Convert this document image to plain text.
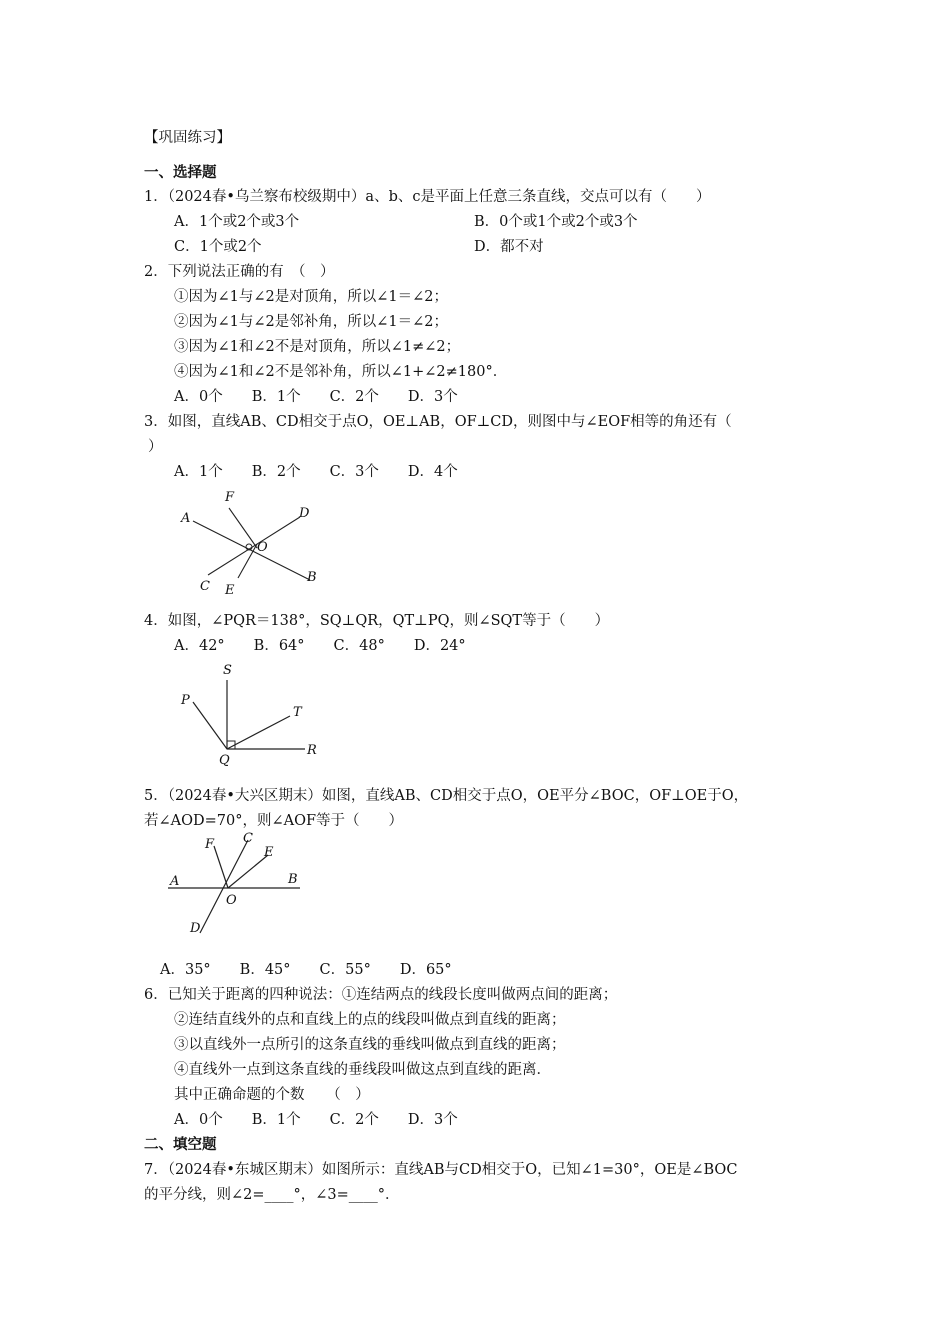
【巩固练习】
一、选择题
1．（2024春•乌兰察布校级期中）a、b、c是平面上任意三条直线，交点可以有（　　）
A．1个或2个或3个	B．0个或1个或2个或3个
C．1个或2个	D．都不对
2．下列说法正确的有　（　）
①因为∠1与∠2是对顶角，所以∠1＝∠2；
②因为∠1与∠2是邻补角，所以∠1＝∠2；
③因为∠1和∠2不是对顶角，所以∠1≠∠2；
④因为∠1和∠2不是邻补角，所以∠1+∠2≠180°．
A．0个　　B．1个　　C．2个　　D．3个
3．如图，直线AB、CD相交于点O，OE⊥AB，OF⊥CD，则图中与∠EOF相等的角还有（
）
A．1个　　B．2个　　C．3个　　D．4个
A
F
D
O
C E
B
4．如图，∠PQR＝138°，SQ⊥QR，QT⊥PQ，则∠SQT等于（　　）
A．42°　　B．64°　　C．48°　　D．24°
S
P
T
Q
R
5．（2024春•大兴区期末）如图，直线AB、CD相交于点O，OE平分∠BOC，OF⊥OE于O，
若∠AOD=70°，则∠AOF等于（　　）
A	B
F C
E
O
D
A．35°　　B．45°　　C．55°　　D．65°
6．已知关于距离的四种说法：①连结两点的线段长度叫做两点间的距离；
②连结直线外的点和直线上的点的线段叫做点到直线的距离；
③以直线外一点所引的这条直线的垂线叫做点到直线的距离；
④直线外一点到这条直线的垂线段叫做这点到直线的距离．
其中正确命题的个数　　（　）
A．0个　　B．1个　　C．2个　　D．3个
二、填空题
7．（2024春•东城区期末）如图所示：直线AB与CD相交于O，已知∠1=30°，OE是∠BOC
的平分线，则∠2=____°，∠3=____°．
